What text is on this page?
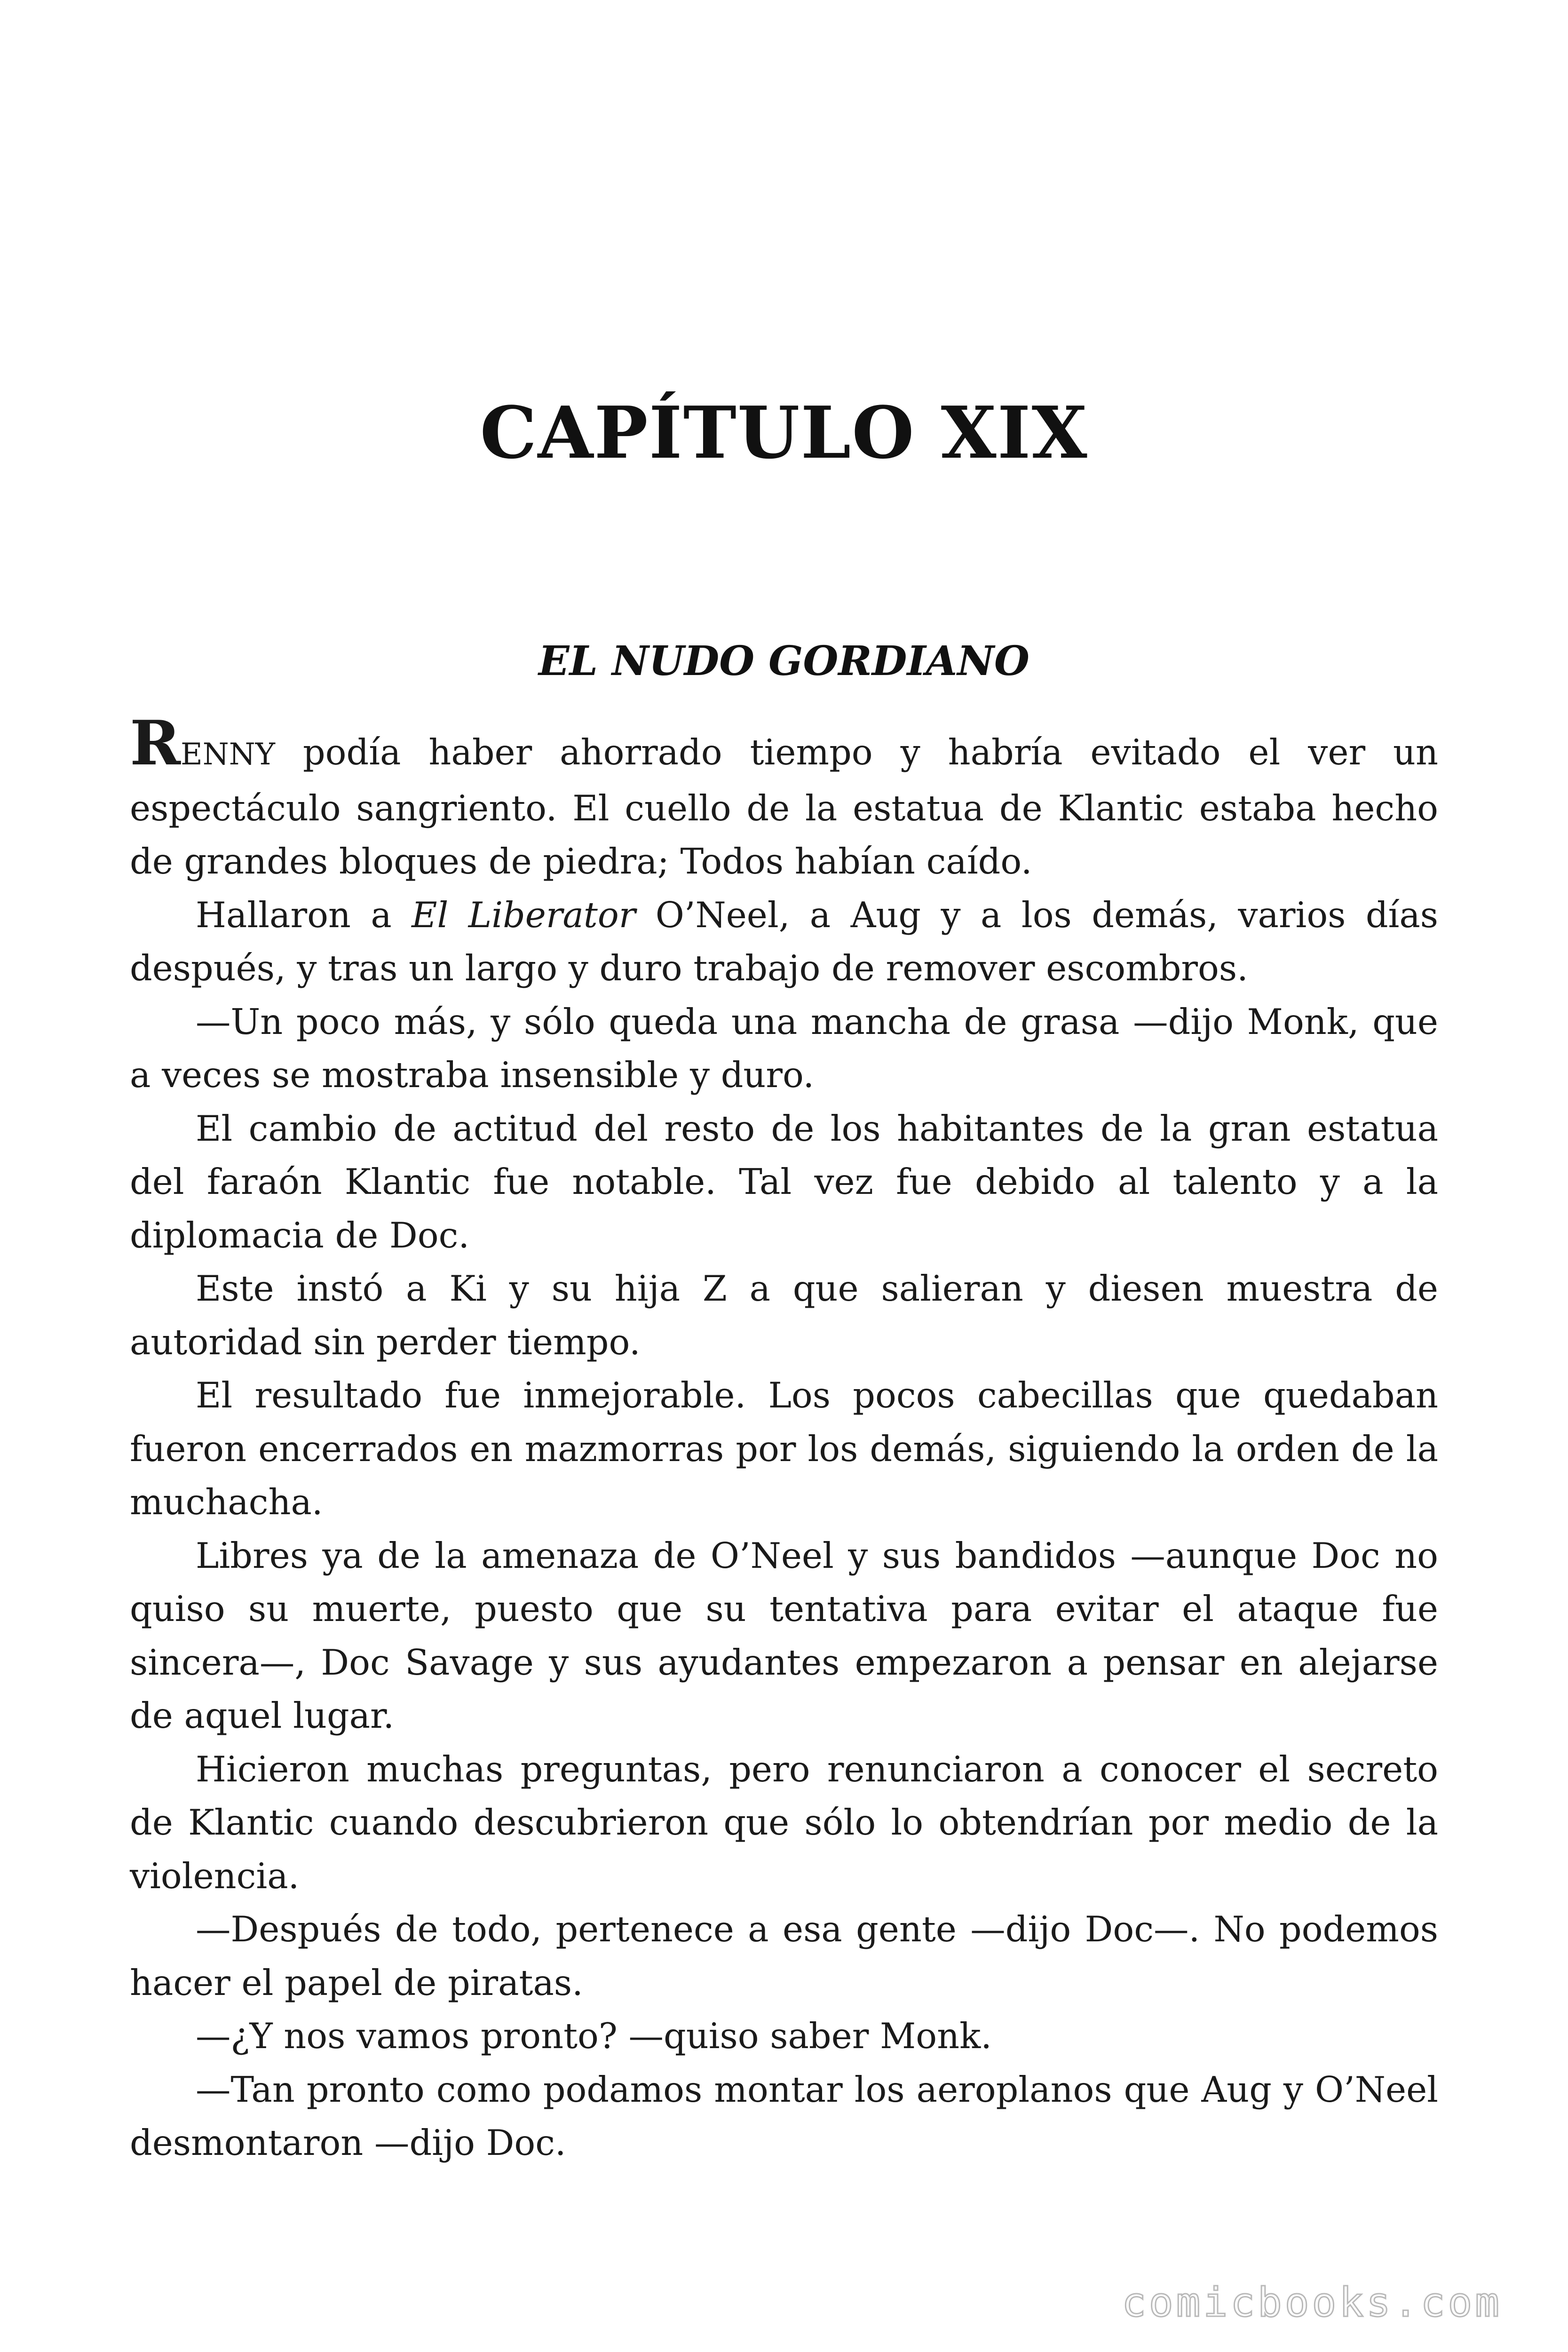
CAPÍTULO XIX
EL NUDO GORDIANO

RENNY podía haber ahorrado tiempo y habría evitado el ver un espectáculo sangriento. El cuello de la estatua de Klantic estaba hecho de grandes bloques de piedra; Todos habían caído.

Hallaron a El Liberator O’Neel, a Aug y a los demás, varios días después, y tras un largo y duro trabajo de remover escombros.

—Un poco más, y sólo queda una mancha de grasa —dijo Monk, que a veces se mostraba insensible y duro.

El cambio de actitud del resto de los habitantes de la gran estatua del faraón Klantic fue notable. Tal vez fue debido al talento y a la diplomacia de Doc.

Este instó a Ki y su hija Z a que salieran y diesen muestra de autoridad sin perder tiempo.

El resultado fue inmejorable. Los pocos cabecillas que quedaban fueron encerrados en mazmorras por los demás, siguiendo la orden de la muchacha.

Libres ya de la amenaza de O’Neel y sus bandidos —aunque Doc no quiso su muerte, puesto que su tentativa para evitar el ataque fue sincera—, Doc Savage y sus ayudantes empezaron a pensar en alejarse de aquel lugar.

Hicieron muchas preguntas, pero renunciaron a conocer el secreto de Klantic cuando descubrieron que sólo lo obtendrían por medio de la violencia.

—Después de todo, pertenece a esa gente —dijo Doc—. No podemos hacer el papel de piratas.

—¿Y nos vamos pronto? —quiso saber Monk.

—Tan pronto como podamos montar los aeroplanos que Aug y O’Neel desmontaron —dijo Doc.

comicbooks.com
